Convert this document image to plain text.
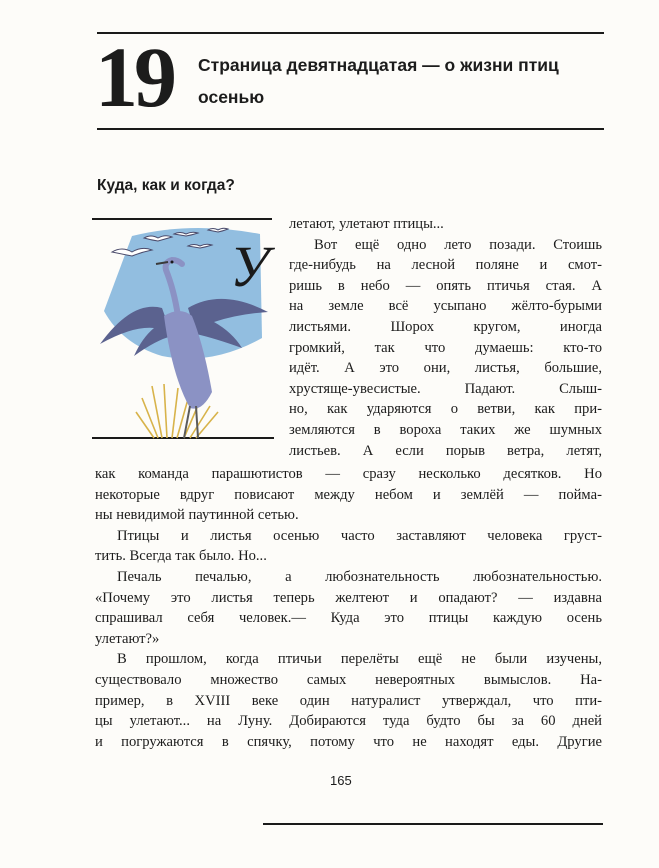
19 Страница девятнадцатая — о жизни птиц
осенью
Куда, как и когда?
У
летают, улетают птицы...
Вот ещё одно лето позади. Стоишь
где-нибудь на лесной поляне и смот-
ришь в небо — опять птичья стая. А
на земле всё усыпано жёлто-бурыми
листьями. Шорох кругом, иногда
громкий, так что думаешь: кто-то
идёт. А это они, листья, большие,
хрустяще-увесистые. Падают. Слыш-
но, как ударяются о ветви, как при-
земляются в вороха таких же шумных
листьев. А если порыв ветра, летят,
как команда парашютистов — сразу несколько десятков. Но
некоторые вдруг повисают между небом и землёй — поймa-
ны невидимой паутинной сетью.
Птицы и листья осенью часто заставляют человека груст-
тить. Всегда так было. Но...
Печаль печалью, а любознательность любознательностью.
«Почему это листья теперь желтеют и опадают? — издавна
спрашивал себя человек.— Куда это птицы каждую осень
улетают?»
В прошлом, когда птичьи перелёты ещё не были изучены,
существовало множество самых невероятных вымыслов. На-
пример, в XVIII веке один натуралист утверждал, что пти-
цы улетают... на Луну. Добираются туда будто бы за 60 дней
и погружаются в спячку, потому что не находят еды. Другие
165
